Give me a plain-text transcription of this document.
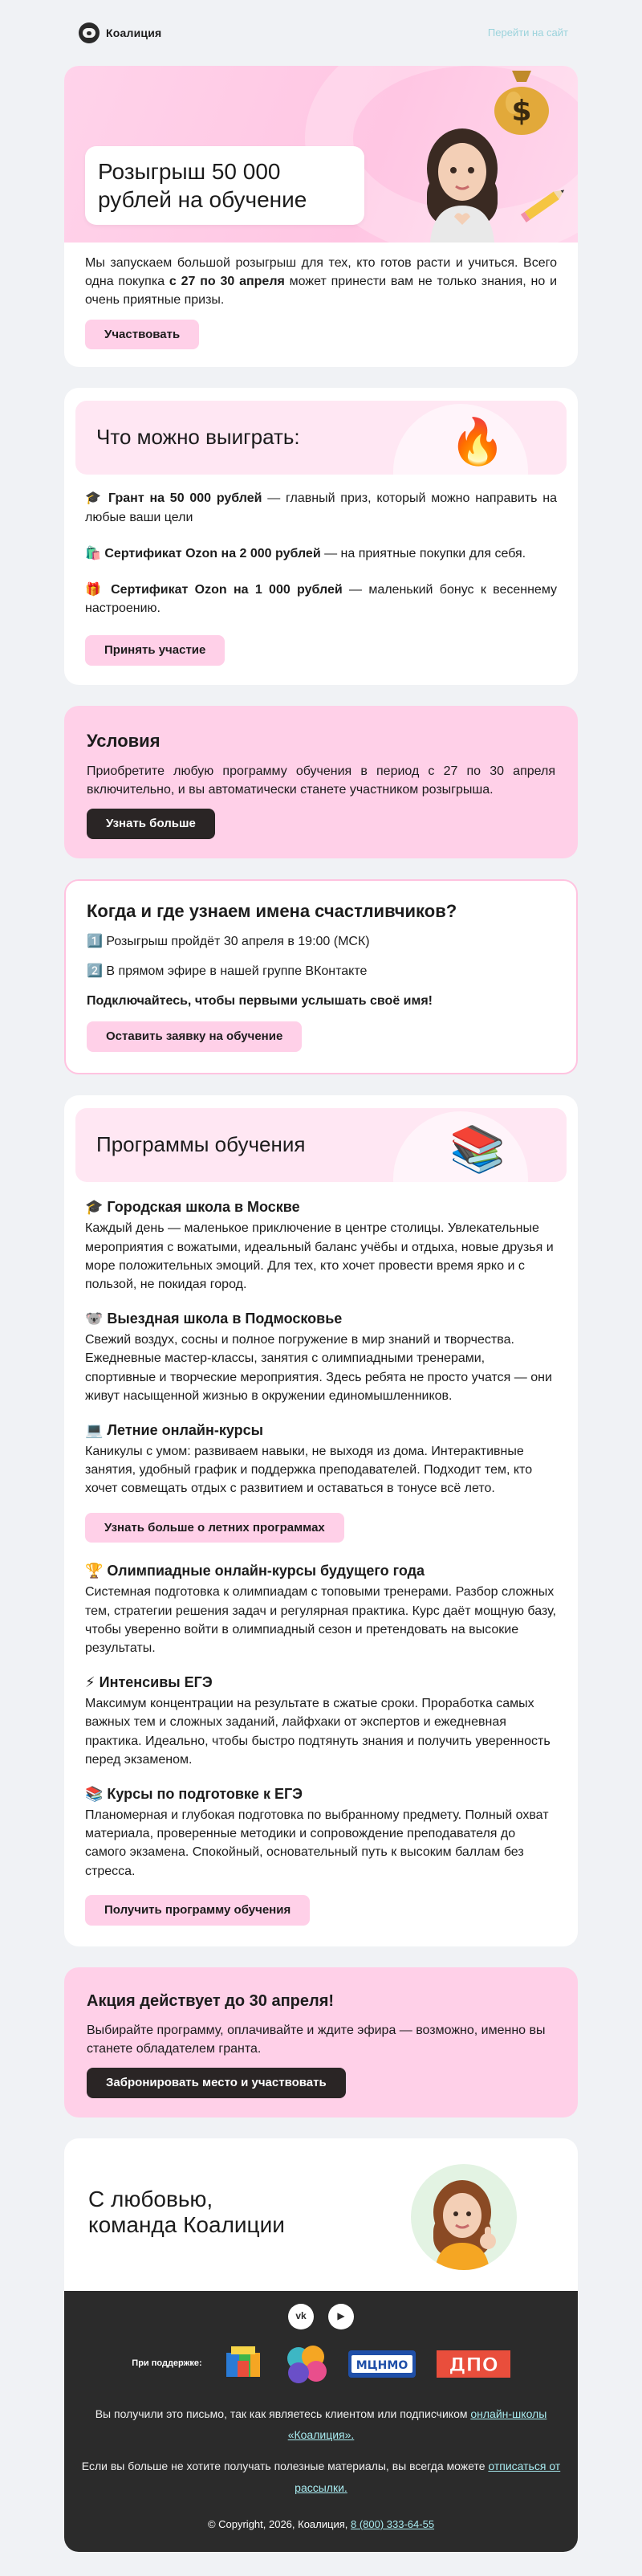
Коалиция	Перейти на сайт
$
Розыгрыш 50 000 рублей на обучение

Мы запускаем большой розыгрыш для тех, кто готов расти и учиться. Всего одна покупка с 27 по 30 апреля может принести вам не только знания, но и очень приятные призы.

Участвовать
🔥
Что можно выиграть:

🎓 Грант на 50 000 рублей — главный приз, который можно направить на любые ваши цели

🛍️ Сертификат Ozon на 2 000 рублей — на приятные покупки для себя.

🎁 Сертификат Ozon на 1 000 рублей — маленький бонус к весеннему настроению.

Принять участие
Условия

Приобретите любую программу обучения в период с 27 по 30 апреля включительно, и вы автоматически станете участником розыгрыша.

Узнать больше
Когда и где узнаем имена счастливчиков?

1️⃣ Розыгрыш пройдёт 30 апреля в 19:00 (МСК)

2️⃣ В прямом эфире в нашей группе ВКонтакте

Подключайтесь, чтобы первыми услышать своё имя!

Оставить заявку на обучение
📚
Программы обучения
🎓 Городская школа в Москве

Каждый день — маленькое приключение в центре столицы. Увлекательные мероприятия с вожатыми, идеальный баланс учёбы и отдыха, новые друзья и море положительных эмоций. Для тех, кто хочет провести время ярко и с пользой, не покидая город.

🐨 Выездная школа в Подмосковье

Свежий воздух, сосны и полное погружение в мир знаний и творчества. Ежедневные мастер-классы, занятия с олимпиадными тренерами, спортивные и творческие мероприятия. Здесь ребята не просто учатся — они живут насыщенной жизнью в окружении единомышленников.

💻 Летние онлайн-курсы

Каникулы с умом: развиваем навыки, не выходя из дома. Интерактивные занятия, удобный график и поддержка преподавателей. Подходит тем, кто хочет совмещать отдых с развитием и оставаться в тонусе всё лето.

Узнать больше о летних программах
🏆 Олимпиадные онлайн-курсы будущего года

Системная подготовка к олимпиадам с топовыми тренерами. Разбор сложных тем, стратегии решения задач и регулярная практика. Курс даёт мощную базу, чтобы уверенно войти в олимпиадный сезон и претендовать на высокие результаты.

⚡ Интенсивы ЕГЭ

Максимум концентрации на результате в сжатые сроки. Проработка самых важных тем и сложных заданий, лайфхаки от экспертов и ежедневная практика. Идеально, чтобы быстро подтянуть знания и получить уверенность перед экзаменом.

📚 Курсы по подготовке к ЕГЭ

Планомерная и глубокая подготовка по выбранному предмету. Полный охват материала, проверенные методики и сопровождение преподавателя до самого экзамена. Спокойный, основательный путь к высоким баллам без стресса.

Получить программу обучения
Акция действует до 30 апреля!

Выбирайте программу, оплачивайте и ждите эфира — возможно, именно вы станете обладателем гранта.

Забронировать место и участвовать
С любовью,
команда Коалиции
vk	▶
При поддержке:	МЦНМО ДПО

Вы получили это письмо, так как являетесь клиентом или подписчиком онлайн-школы «Коалиция».

Если вы больше не хотите получать полезные материалы, вы всегда можете отписаться от рассылки.

© Copyright, 2026, Коалиция, 8 (800) 333-64-55
